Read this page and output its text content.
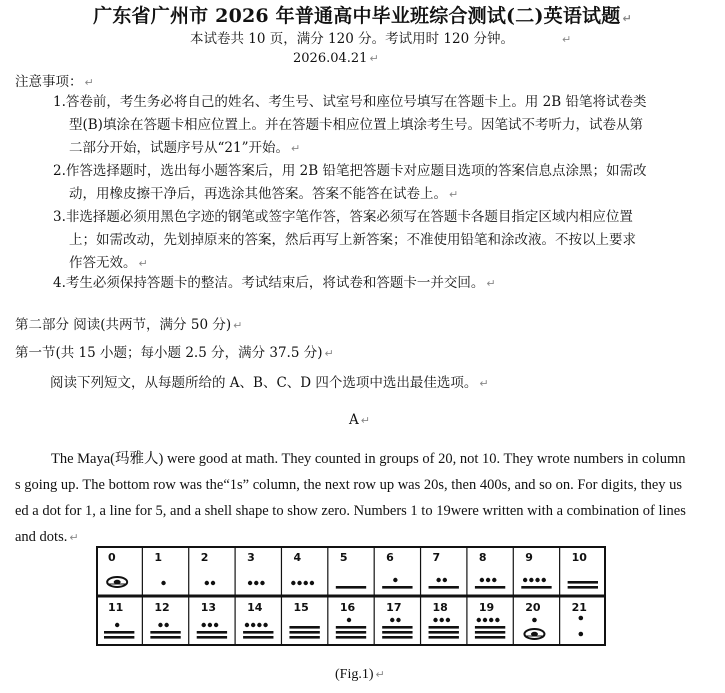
广东省广州市 2026 年普通高中毕业班综合测试(二)英语试题 ↵
本试卷共 10 页，满分 120 分。考试用时 120 分钟。	↵
2026.04.21 ↵
注意事项： ↵
1.答卷前，考生务必将自己的姓名、考生号、试室号和座位号填写在答题卡上。用 2B 铅笔将试卷类
型(B)填涂在答题卡相应位置上。并在答题卡相应位置上填涂考生号。因笔试不考听力，试卷从第
二部分开始，试题序号从“21”开始。 ↵
2.作答选择题时，选出每小题答案后，用 2B 铅笔把答题卡对应题目选项的答案信息点涂黑；如需改
动，用橡皮擦干净后，再选涂其他答案。答案不能答在试卷上。 ↵
3.非选择题必须用黑色字迹的钢笔或签字笔作答，答案必须写在答题卡各题目指定区域内相应位置
上；如需改动，先划掉原来的答案，然后再写上新答案；不准使用铅笔和涂改液。不按以上要求
作答无效。 ↵
4.考生必须保持答题卡的整洁。考试结束后，将试卷和答题卡一并交回。 ↵
第二部分 阅读(共两节，满分 50 分) ↵
第一节(共 15 小题；每小题 2.5 分，满分 37.5 分) ↵
阅读下列短文，从每题所给的 A、B、C、D 四个选项中选出最佳选项。 ↵
A ↵
The Maya(玛雅人) were good at math. They counted in groups of 20, not 10. They wrote numbers in column
s going up. The bottom row was the“1s” column, the next row up was 20s, then 400s, and so on. For digits, they us
ed a dot for 1, a line for 5, and a shell shape to show zero. Numbers 1 to 19were written with a combination of lines
and dots. ↵
0	1	2	3	4	5	6	7	8	9	10
11	12	13	14	15	16	17	18	19	20	21
(Fig.1) ↵
